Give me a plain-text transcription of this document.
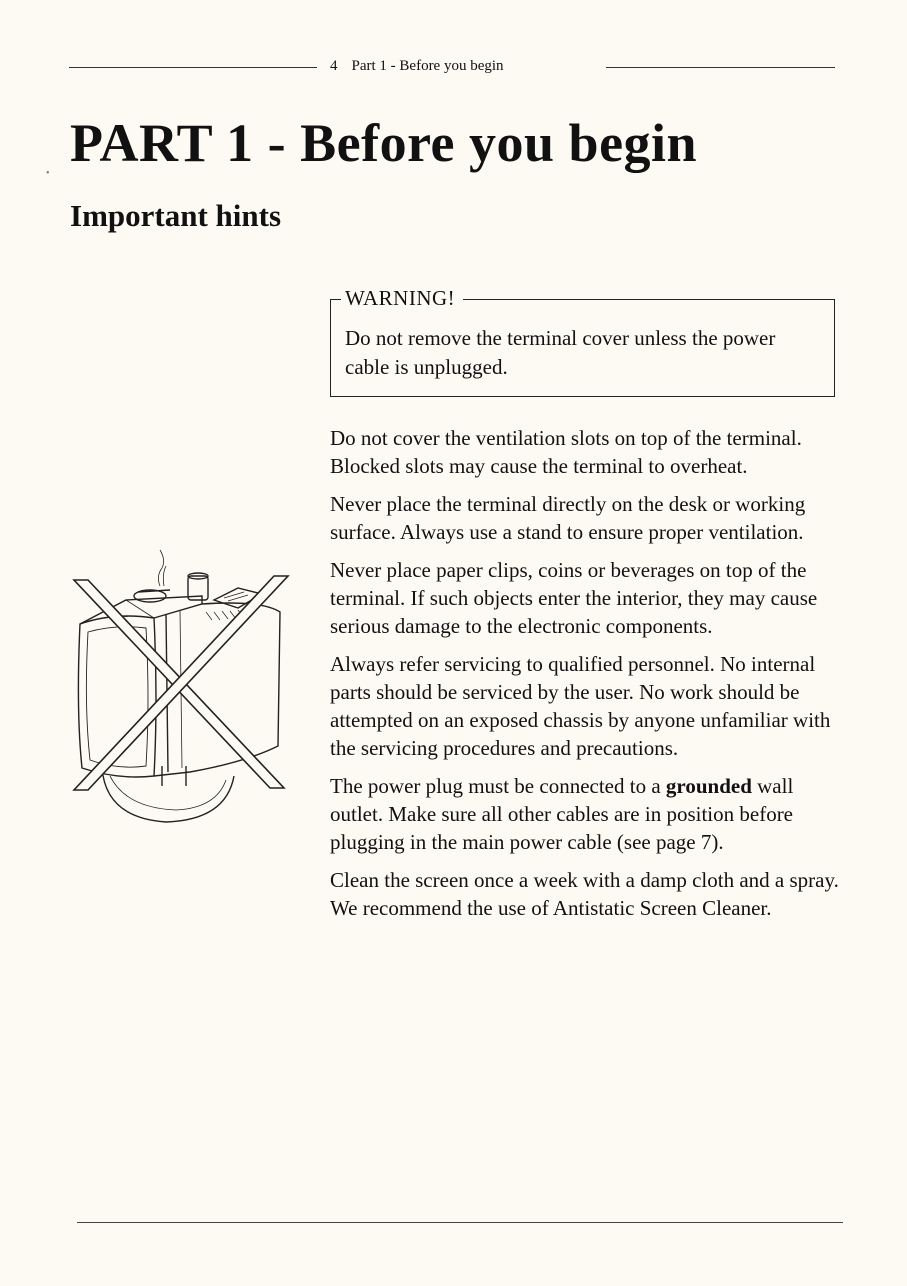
4 Part 1 - Before you begin
PART 1 - Before you begin
Important hints
WARNING!
Do not remove the terminal cover unless the power cable is unplugged.

Do not cover the ventilation slots on top of the terminal. Blocked slots may cause the terminal to overheat.

Never place the terminal directly on the desk or working surface. Always use a stand to ensure proper ventilation.

Never place paper clips, coins or beverages on top of the terminal. If such objects enter the interior, they may cause serious damage to the electronic components.

Always refer servicing to qualified personnel. No internal parts should be serviced by the user. No work should be attempted on an exposed chassis by anyone unfamiliar with the servicing procedures and precautions.

The power plug must be connected to a grounded wall outlet. Make sure all other cables are in position before plugging in the main power cable (see page 7).

Clean the screen once a week with a damp cloth and a spray. We recommend the use of Antistatic Screen Cleaner.

•
